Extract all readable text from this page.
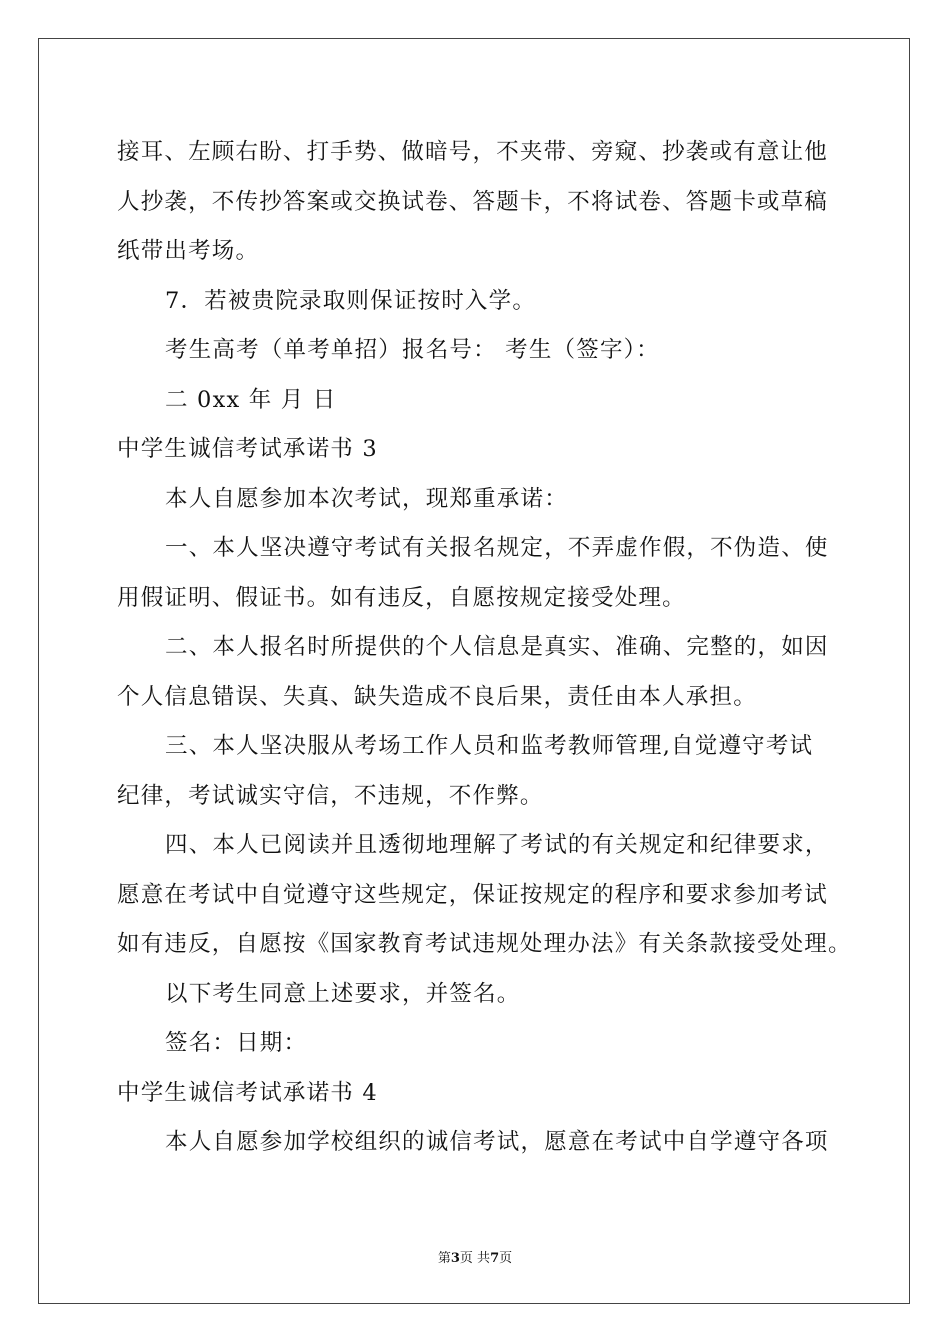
接耳、左顾右盼、打手势、做暗号，不夹带、旁窥、抄袭或有意让他
人抄袭，不传抄答案或交换试卷、答题卡，不将试卷、答题卡或草稿
纸带出考场。
7．若被贵院录取则保证按时入学。
考生高考（单考单招）报名号： 考生（签字）：
二 0xx 年 月 日
中学生诚信考试承诺书 3
本人自愿参加本次考试，现郑重承诺：
一、本人坚决遵守考试有关报名规定，不弄虚作假，不伪造、使
用假证明、假证书。如有违反，自愿按规定接受处理。
二、本人报名时所提供的个人信息是真实、准确、完整的，如因
个人信息错误、失真、缺失造成不良后果，责任由本人承担。
三、本人坚决服从考场工作人员和监考教师管理,自觉遵守考试
纪律，考试诚实守信，不违规，不作弊。
四、本人已阅读并且透彻地理解了考试的有关规定和纪律要求，
愿意在考试中自觉遵守这些规定，保证按规定的程序和要求参加考试
如有违反，自愿按《国家教育考试违规处理办法》有关条款接受处理。
以下考生同意上述要求，并签名。
签名：日期：
中学生诚信考试承诺书 4
本人自愿参加学校组织的诚信考试，愿意在考试中自学遵守各项
第3页 共7页
